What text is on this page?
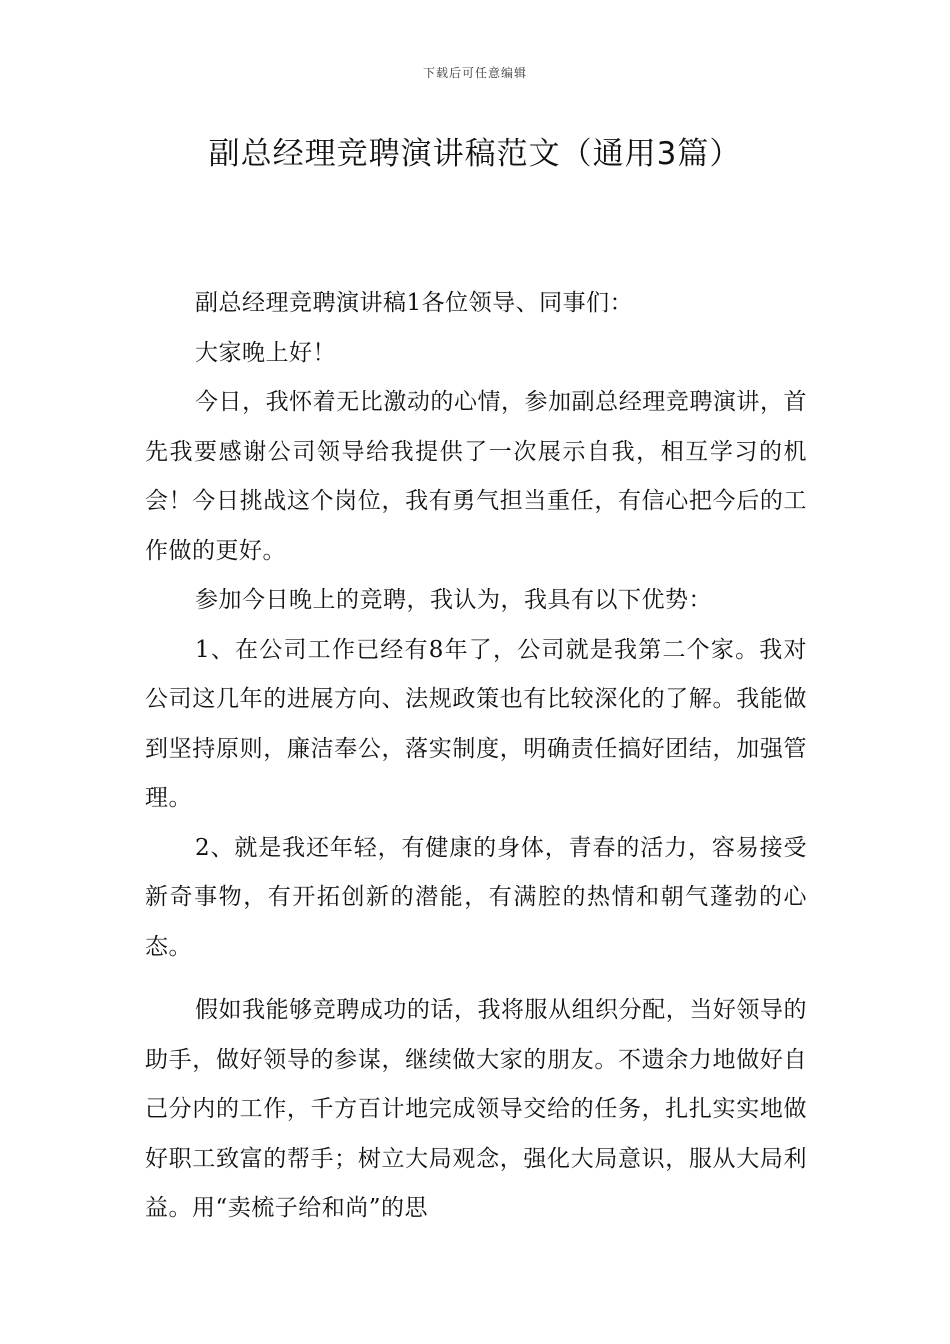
下载后可任意编辑
副总经理竞聘演讲稿范文（通用3篇）

副总经理竞聘演讲稿1各位领导、同事们：

大家晚上好！

今日，我怀着无比激动的心情，参加副总经理竞聘演讲，首先我要感谢公司领导给我提供了一次展示自我，相互学习的机会！今日挑战这个岗位，我有勇气担当重任，有信心把今后的工作做的更好。

参加今日晚上的竞聘，我认为，我具有以下优势：

1、在公司工作已经有8年了，公司就是我第二个家。我对公司这几年的进展方向、法规政策也有比较深化的了解。我能做到坚持原则，廉洁奉公，落实制度，明确责任搞好团结，加强管理。

2、就是我还年轻，有健康的身体，青春的活力，容易接受新奇事物，有开拓创新的潜能，有满腔的热情和朝气蓬勃的心态。

假如我能够竞聘成功的话，我将服从组织分配，当好领导的助手，做好领导的参谋，继续做大家的朋友。不遗余力地做好自己分内的工作，千方百计地完成领导交给的任务，扎扎实实地做好职工致富的帮手；树立大局观念，强化大局意识，服从大局利益。用“卖梳子给和尚”的思
